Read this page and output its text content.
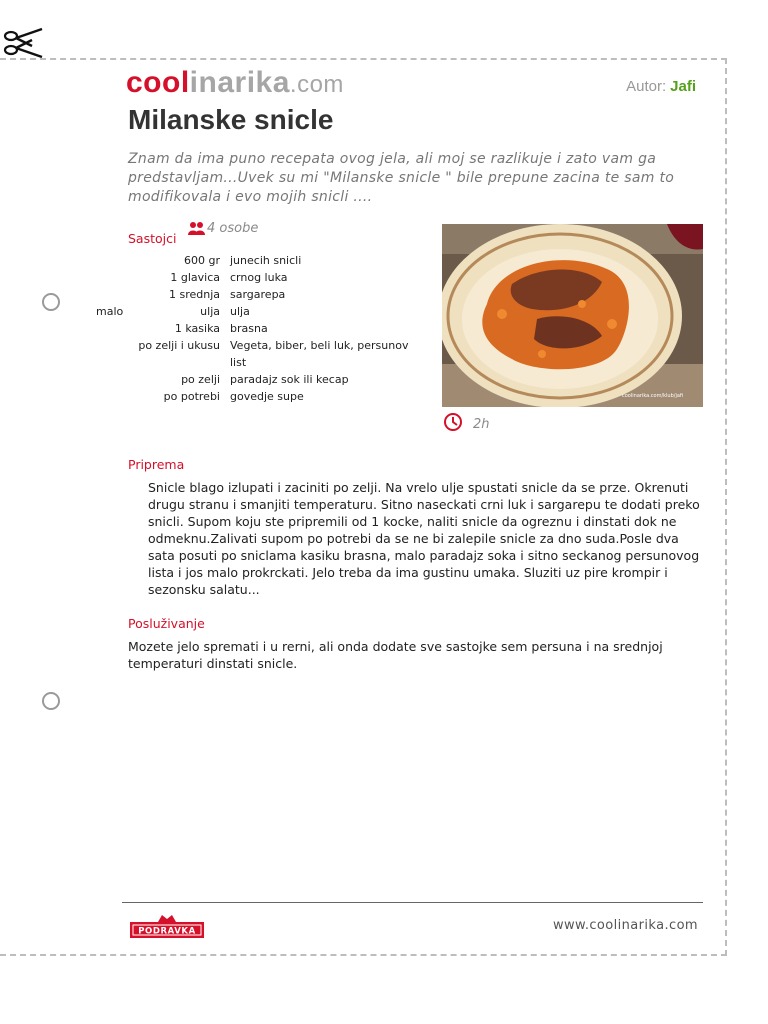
coolinarika.com	Autor: Jafi
Milanske snicle

Znam da ima puno recepata ovog jela, ali moj se razlikuje i zato vam ga predstavljam...Uvek su mi "Milanske snicle " bile prepune zacina te sam to modifikovala i evo mojih snicli ....

Sastojci
4 osobe
	600 gr	junecih snicli
	1 glavica	crnog luka
	1 srednja	sargarepa
malo	ulja	ulja
	1 kasika	brasna
	po zelji i ukusu	Vegeta, biber, beli luk, persunov list
	po zelji	paradajz sok ili kecap
	po potrebi	govedje supe	coolinarika.com/klub/jafi
2h
Priprema

Snicle blago izlupati i zaciniti po zelji. Na vrelo ulje spustati snicle da se przе. Okrenuti drugu stranu i smanjiti temperaturu. Sitno naseckati crni luk i sargarepu te dodati preko snicli. Supom koju ste pripremili od 1 kocke, naliti snicle da ogreznu i dinstati dok ne odmeknu.Zalivati supom po potrebi da se ne bi zalepile snicle za dno suda.Posle dva sata posuti po sniclama kasiku brasna, malo paradajz soka i sitno seckanog persunovog lista i jos malo prokrckati. Jelo treba da ima gustinu umaka. Sluziti uz pire krompir i sezonsku salatu...

Posluživanje

Mozete jelo spremati i u rerni, ali onda dodate sve sastojke sem persuna i na srednjoj temperaturi dinstati snicle.

PODRAVKA	www.coolinarika.com
